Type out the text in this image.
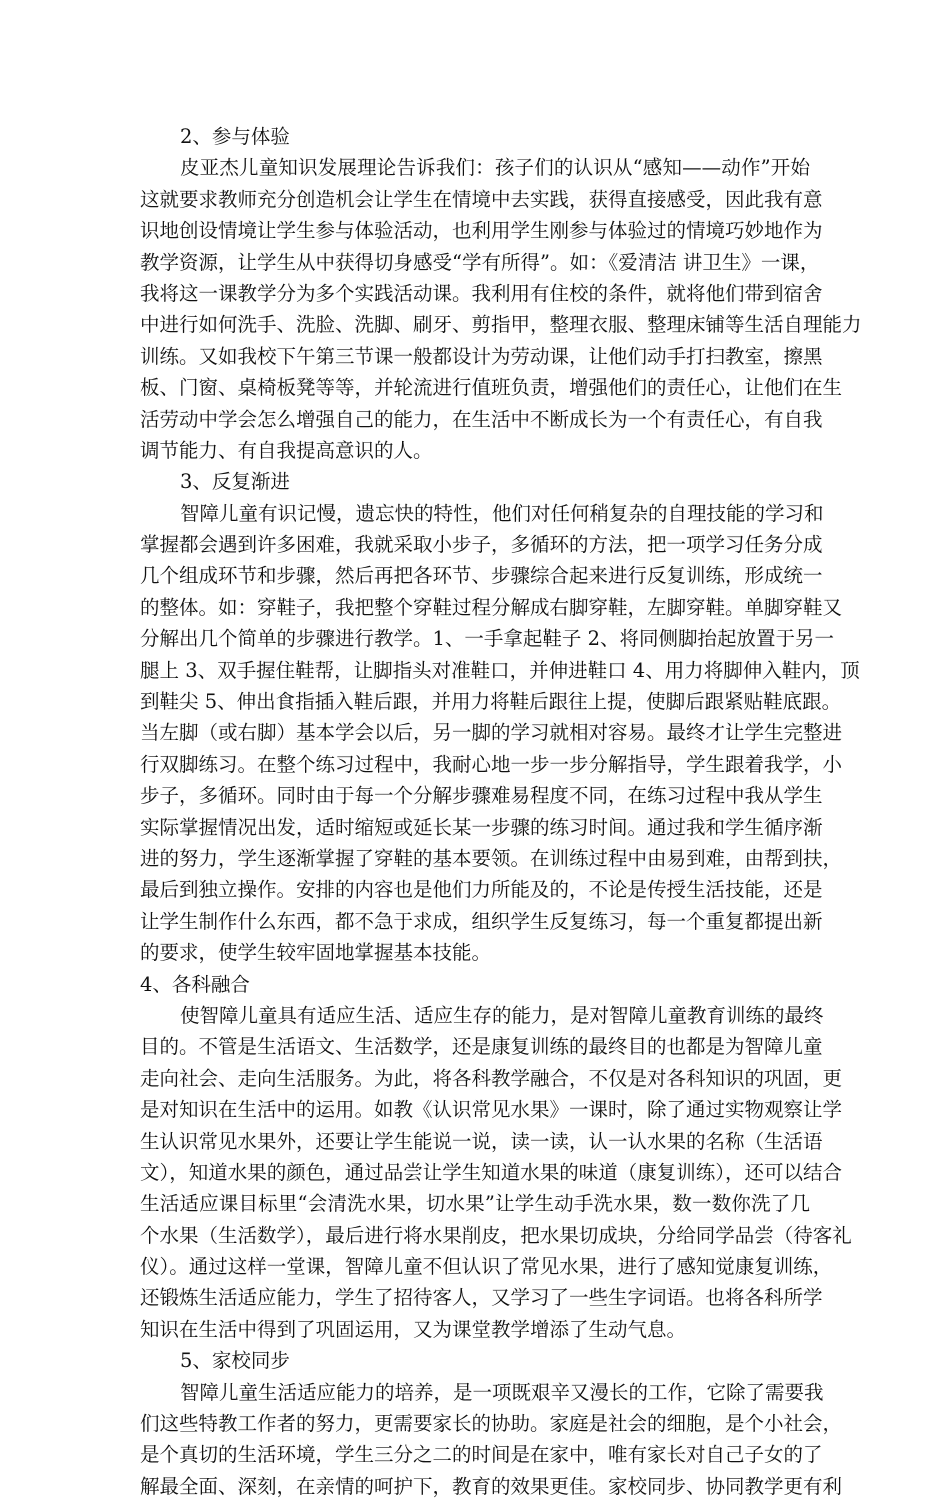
2、参与体验
皮亚杰儿童知识发展理论告诉我们：孩子们的认识从“感知——动作”开始
这就要求教师充分创造机会让学生在情境中去实践，获得直接感受，因此我有意
识地创设情境让学生参与体验活动，也利用学生刚参与体验过的情境巧妙地作为
教学资源，让学生从中获得切身感受“学有所得”。如：《爱清洁 讲卫生》一课，
我将这一课教学分为多个实践活动课。我利用有住校的条件，就将他们带到宿舍
中进行如何洗手、洗脸、洗脚、刷牙、剪指甲，整理衣服、整理床铺等生活自理能力
训练。又如我校下午第三节课一般都设计为劳动课，让他们动手打扫教室，擦黑
板、门窗、桌椅板凳等等，并轮流进行值班负责，增强他们的责任心，让他们在生
活劳动中学会怎么增强自己的能力，在生活中不断成长为一个有责任心，有自我
调节能力、有自我提高意识的人。
3、反复渐进
智障儿童有识记慢，遗忘快的特性，他们对任何稍复杂的自理技能的学习和
掌握都会遇到许多困难，我就采取小步子，多循环的方法，把一项学习任务分成
几个组成环节和步骤，然后再把各环节、步骤综合起来进行反复训练，形成统一
的整体。如：穿鞋子，我把整个穿鞋过程分解成右脚穿鞋，左脚穿鞋。单脚穿鞋又
分解出几个简单的步骤进行教学。1、一手拿起鞋子 2、将同侧脚抬起放置于另一
腿上 3、双手握住鞋帮，让脚指头对准鞋口，并伸进鞋口 4、用力将脚伸入鞋内，顶
到鞋尖 5、伸出食指插入鞋后跟，并用力将鞋后跟往上提，使脚后跟紧贴鞋底跟。
当左脚（或右脚）基本学会以后，另一脚的学习就相对容易。最终才让学生完整进
行双脚练习。在整个练习过程中，我耐心地一步一步分解指导，学生跟着我学，小
步子，多循环。同时由于每一个分解步骤难易程度不同，在练习过程中我从学生
实际掌握情况出发，适时缩短或延长某一步骤的练习时间。通过我和学生循序渐
进的努力，学生逐渐掌握了穿鞋的基本要领。在训练过程中由易到难，由帮到扶，
最后到独立操作。安排的内容也是他们力所能及的，不论是传授生活技能，还是
让学生制作什么东西，都不急于求成，组织学生反复练习，每一个重复都提出新
的要求，使学生较牢固地掌握基本技能。
4、各科融合
使智障儿童具有适应生活、适应生存的能力，是对智障儿童教育训练的最终
目的。不管是生活语文、生活数学，还是康复训练的最终目的也都是为智障儿童
走向社会、走向生活服务。为此，将各科教学融合，不仅是对各科知识的巩固，更
是对知识在生活中的运用。如教《认识常见水果》一课时，除了通过实物观察让学
生认识常见水果外，还要让学生能说一说，读一读，认一认水果的名称（生活语
文），知道水果的颜色，通过品尝让学生知道水果的味道（康复训练），还可以结合
生活适应课目标里“会清洗水果，切水果”让学生动手洗水果，数一数你洗了几
个水果（生活数学），最后进行将水果削皮，把水果切成块，分给同学品尝（待客礼
仪）。通过这样一堂课，智障儿童不但认识了常见水果，进行了感知觉康复训练，
还锻炼生活适应能力，学生了招待客人，又学习了一些生字词语。也将各科所学
知识在生活中得到了巩固运用，又为课堂教学增添了生动气息。
5、家校同步
智障儿童生活适应能力的培养，是一项既艰辛又漫长的工作，它除了需要我
们这些特教工作者的努力，更需要家长的协助。家庭是社会的细胞，是个小社会，
是个真切的生活环境，学生三分之二的时间是在家中，唯有家长对自己子女的了
解最全面、深刻，在亲情的呵护下，教育的效果更佳。家校同步、协同教学更有利
